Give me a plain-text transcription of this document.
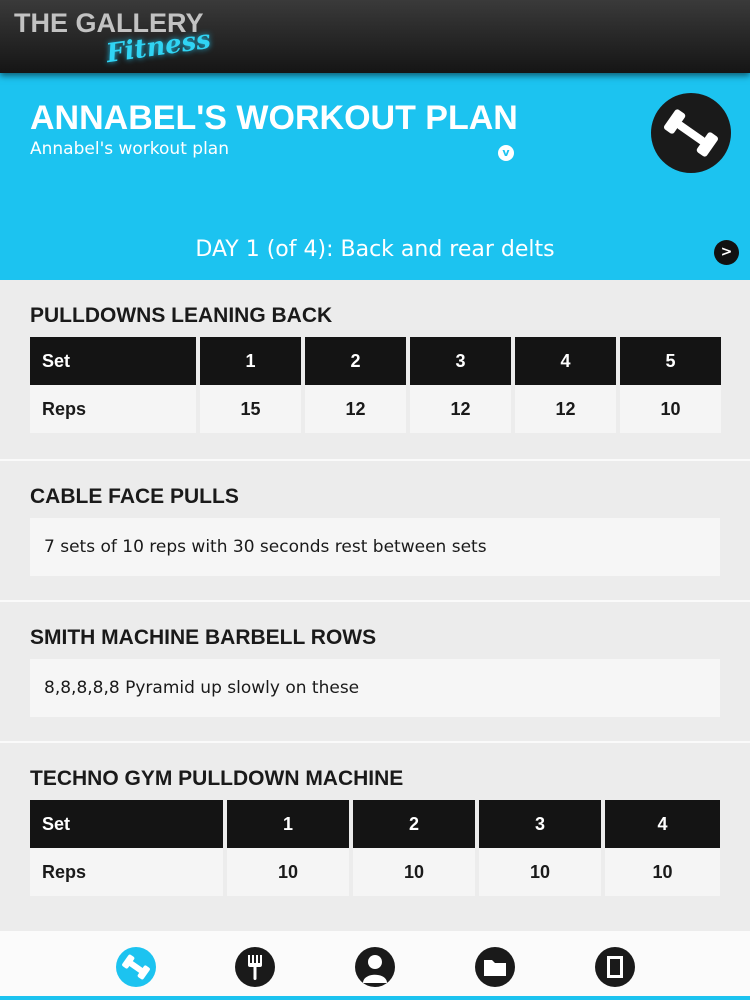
THE GALLERY
Fitness
ANNABEL'S WORKOUT PLAN
Annabel's workout plan	v
DAY 1 (of 4): Back and rear delts	>
PULLDOWNS LEANING BACK
Set	1	2	3	4	5
Reps	15	12	12	12	10
CABLE FACE PULLS
7 sets of 10 reps with 30 seconds rest between sets
SMITH MACHINE BARBELL ROWS
8,8,8,8,8 Pyramid up slowly on these
TECHNO GYM PULLDOWN MACHINE
Set	1	2	3	4
Reps	10	10	10	10
